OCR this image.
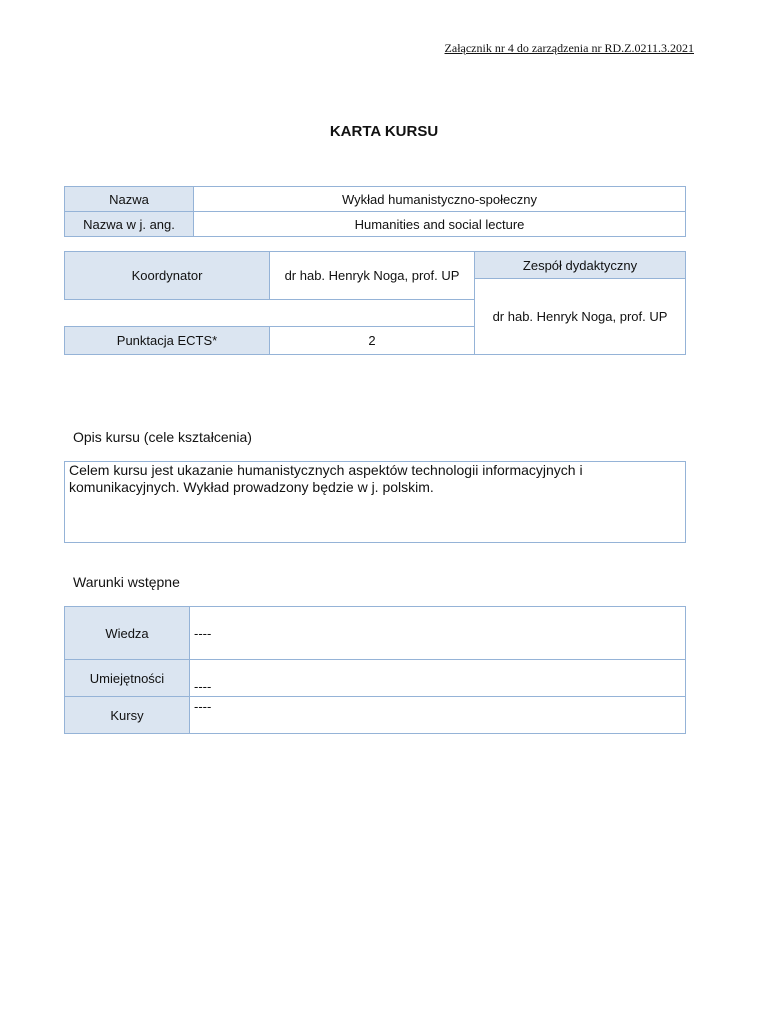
Załącznik nr 4 do zarządzenia nr RD.Z.0211.3.2021
KARTA KURSU
Nazwa	Wykład humanistyczno-społeczny
Nazwa w j. ang.	Humanities and social lecture
Koordynator	dr hab. Henryk Noga, prof. UP	Zespół dydaktyczny
		dr hab. Henryk Noga, prof. UP

Punktacja ECTS*	2	
Opis kursu (cele kształcenia)
Celem kursu jest ukazanie humanistycznych aspektów technologii informacyjnych i komunikacyjnych. Wykład prowadzony będzie w j. polskim.
Warunki wstępne
Wiedza	----
Umiejętności	----
Kursy	----
